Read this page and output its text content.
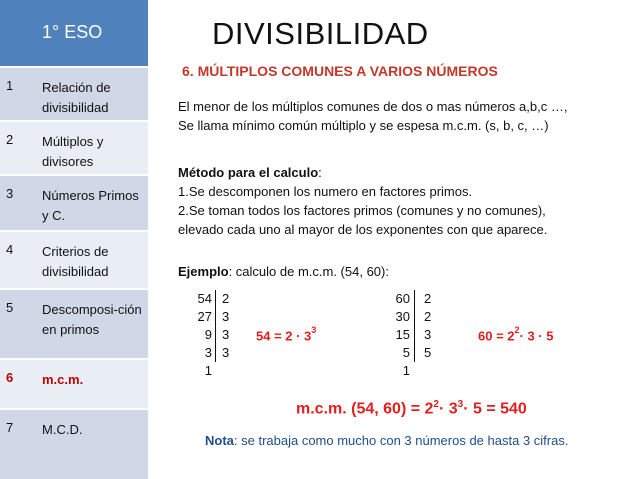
1° ESO
1 Relación de divisibilidad
2 Múltiplos y divisores
3 Números Primos y C.
4 Criterios de divisibilidad
5 Descomposi-ción en primos
6 m.c.m.
7 M.C.D.
DIVISIBILIDAD
6. MÚLTIPLOS COMUNES A VARIOS NÚMEROS
El menor de los múltiplos comunes de dos o mas números a,b,c …,
Se llama mínimo común múltiplo y se espesa m.c.m. (s, b, c, …)
Método para el calculo:
1.Se descomponen los numero en factores primos.
2.Se toman todos los factores primos (comunes y no comunes),
elevado cada uno al mayor de los exponentes con que aparece.
Ejemplo: calculo de m.c.m. (54, 60):
54
27
9
3
1
2
3
3
3
$54 = 2 \cdot 3^3$
60
30
15
5
1
2
2
3
5
$60 = 2^2\cdot 3 \cdot 5$
m.c.m. (54, $60) = 2^2\cdot 3^3\cdot 5 = 540$
Nota: se trabaja como mucho con 3 números de hasta 3 cifras.
